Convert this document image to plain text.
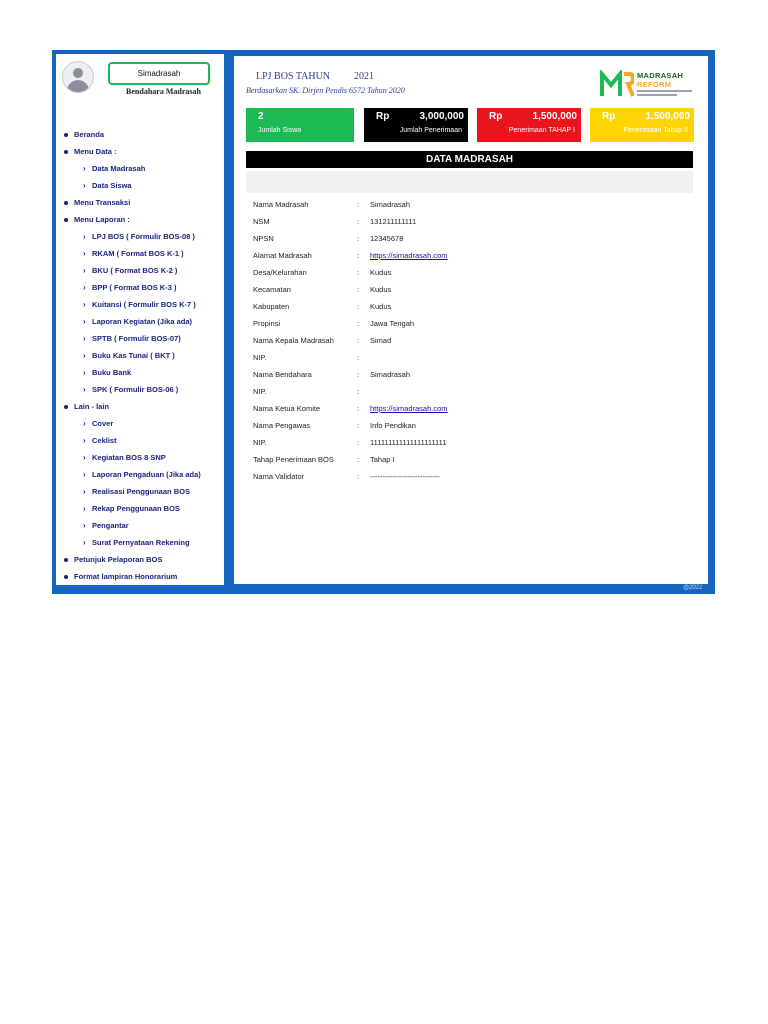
Simadrasah
Bendahara Madrasah
Beranda
Menu Data :
› Data Madrasah
› Data Siswa
Menu Transaksi
Menu Laporan :
› LPJ BOS ( Formulir BOS-08 )
› RKAM ( Format BOS K-1 )
› BKU ( Format BOS K-2 )
› BPP ( Format BOS K-3 )
› Kuitansi ( Formulir BOS K-7 )
› Laporan Kegiatan (Jika ada)
› SPTB ( Formulir BOS-07)
› Buku Kas Tunai ( BKT )
› Buku Bank
› SPK ( Formulir BOS-06 )
Lain - lain
› Cover
› Ceklist
› Kegiatan BOS 8 SNP
› Laporan Pengaduan (Jika ada)
› Realisasi Penggunaan BOS
› Rekap Penggunaan BOS
› Pengantar
› Surat Pernyataan Rekening
Petunjuk Pelaporan BOS
Format lampiran Honorarium
LPJ BOS TAHUN 2021
Berdasarkan SK. Dirjen Pendis 6572 Tahun 2020
MADRASAH
REFORM
2
Jumlah Siswa
Rp	3,000,000
Jumlah Penerimaan
Rp	1,500,000
Penerimaan TAHAP I
Rp	1,500,000
Penerimaan Tahap II
DATA MADRASAH
Nama Madrasah	: Simadrasah
NSM	: 131211111111
NPSN	: 12345678
Alamat Madrasah	: https://simadrasah.com
Desa/Kelurahan	: Kudus
Kecamatan	: Kudus
Kabupaten	: Kudus
Propinsi	: Jawa Tengah
Nama Kepala Madrasah	: Simad
NIP.	:
Nama Bendahara	: Simadrasah
NIP.	:
Nama Ketua Komite	: https://simadrasah.com
Nama Pengawas	: Info Pendikan
NIP.	: 111111111111111111111
Tahap Penerimaan BOS	: Tahap I
Nama Validator	: ----------------------------
@2021
